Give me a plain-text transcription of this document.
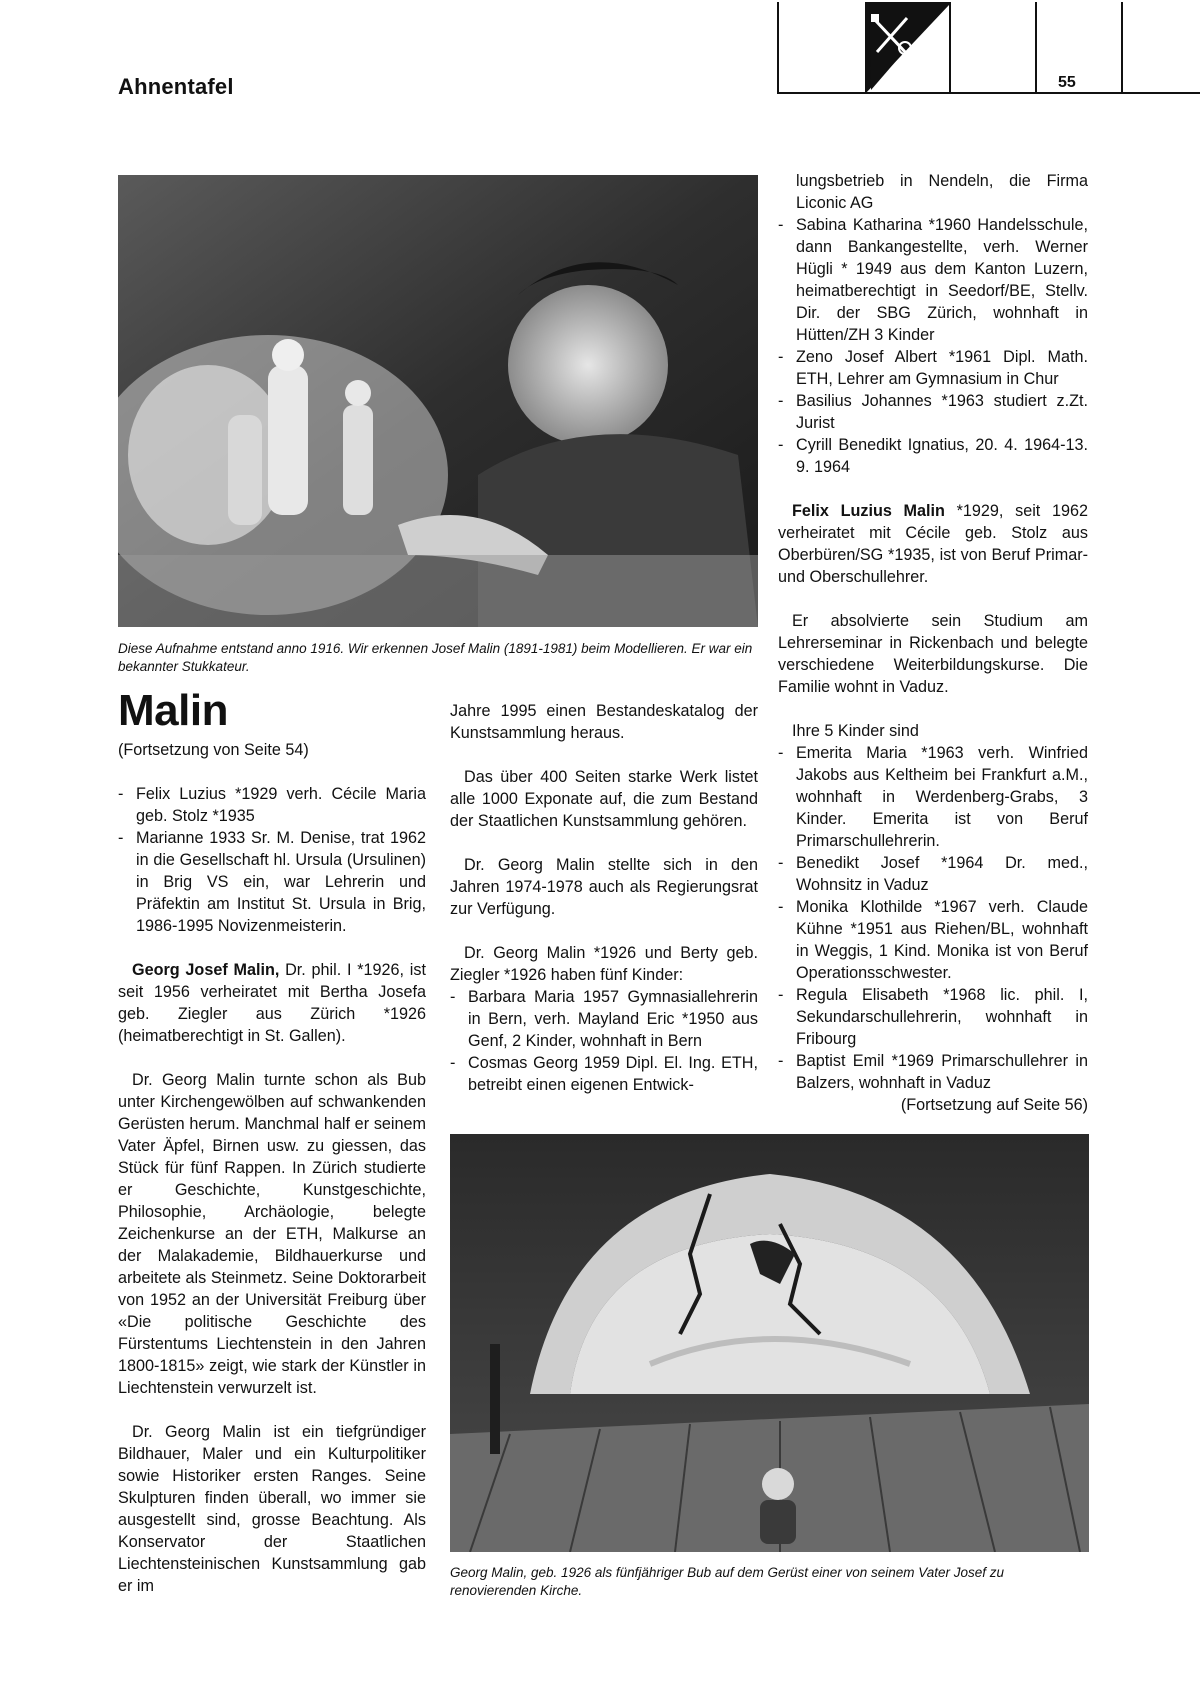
Ahnentafel	55
Diese Aufnahme entstand anno 1916. Wir erkennen Josef Malin (1891-1981) beim Modellieren. Er war ein bekannter Stukkateur.
Malin

(Fortsetzung von Seite 54)

- Felix Luzius *1929 verh. Cécile Maria geb. Stolz *1935
- Marianne 1933 Sr. M. Denise, trat 1962 in die Gesellschaft hl. Ursula (Ursulinen) in Brig VS ein, war Lehrerin und Präfektin am Institut St. Ursula in Brig, 1986-1995 Novizenmeisterin.

Georg Josef Malin, Dr. phil. I *1926, ist seit 1956 verheiratet mit Bertha Josefa geb. Ziegler aus Zürich *1926 (heimatberechtigt in St. Gallen).

Dr. Georg Malin turnte schon als Bub unter Kirchengewölben auf schwankenden Gerüsten herum. Manchmal half er seinem Vater Äpfel, Birnen usw. zu giessen, das Stück für fünf Rappen. In Zürich studierte er Geschichte, Kunstgeschichte, Philosophie, Archäologie, belegte Zeichenkurse an der ETH, Malkurse an der Malakademie, Bildhauerkurse und arbeitete als Steinmetz. Seine Doktorarbeit von 1952 an der Universität Freiburg über «Die politische Geschichte des Fürstentums Liechtenstein in den Jahren 1800-1815» zeigt, wie stark der Künstler in Liechtenstein verwurzelt ist.

Dr. Georg Malin ist ein tiefgründiger Bildhauer, Maler und ein Kulturpolitiker sowie Historiker ersten Ranges. Seine Skulpturen finden überall, wo immer sie ausgestellt sind, grosse Beachtung. Als Konservator der Staatlichen Liechtensteinischen Kunstsammlung gab er im

Jahre 1995 einen Bestandeskatalog der Kunstsammlung heraus.

Das über 400 Seiten starke Werk listet alle 1000 Exponate auf, die zum Bestand der Staatlichen Kunstsammlung gehören.

Dr. Georg Malin stellte sich in den Jahren 1974-1978 auch als Regierungsrat zur Verfügung.

Dr. Georg Malin *1926 und Berty geb. Ziegler *1926 haben fünf Kinder:

- Barbara Maria 1957 Gymnasiallehrerin in Bern, verh. Mayland Eric *1950 aus Genf, 2 Kinder, wohnhaft in Bern
- Cosmas Georg 1959 Dipl. El. Ing. ETH, betreibt einen eigenen Entwick-

lungsbetrieb in Nendeln, die Firma Liconic AG

- Sabina Katharina *1960 Handelsschule, dann Bankangestellte, verh. Werner Hügli * 1949 aus dem Kanton Luzern, heimatberechtigt in Seedorf/BE, Stellv. Dir. der SBG Zürich, wohnhaft in Hütten/ZH 3 Kinder
- Zeno Josef Albert *1961 Dipl. Math. ETH, Lehrer am Gymnasium in Chur
- Basilius Johannes *1963 studiert z.Zt. Jurist
- Cyrill Benedikt Ignatius, 20. 4. 1964-13. 9. 1964

Felix Luzius Malin *1929, seit 1962 verheiratet mit Cécile geb. Stolz aus Oberbüren/SG *1935, ist von Beruf Primar- und Oberschullehrer.

Er absolvierte sein Studium am Lehrerseminar in Rickenbach und belegte verschiedene Weiterbildungskurse. Die Familie wohnt in Vaduz.

Ihre 5 Kinder sind

- Emerita Maria *1963 verh. Winfried Jakobs aus Keltheim bei Frankfurt a.M., wohnhaft in Werdenberg-Grabs, 3 Kinder. Emerita ist von Beruf Primarschullehrerin.
- Benedikt Josef *1964 Dr. med., Wohnsitz in Vaduz
- Monika Klothilde *1967 verh. Claude Kühne *1951 aus Riehen/BL, wohnhaft in Weggis, 1 Kind. Monika ist von Beruf Operationsschwester.
- Regula Elisabeth *1968 lic. phil. I, Sekundarschullehrerin, wohnhaft in Fribourg
- Baptist Emil *1969 Primarschullehrer in Balzers, wohnhaft in Vaduz
(Fortsetzung auf Seite 56)
Georg Malin, geb. 1926 als fünfjähriger Bub auf dem Gerüst einer von seinem Vater Josef zu renovierenden Kirche.
